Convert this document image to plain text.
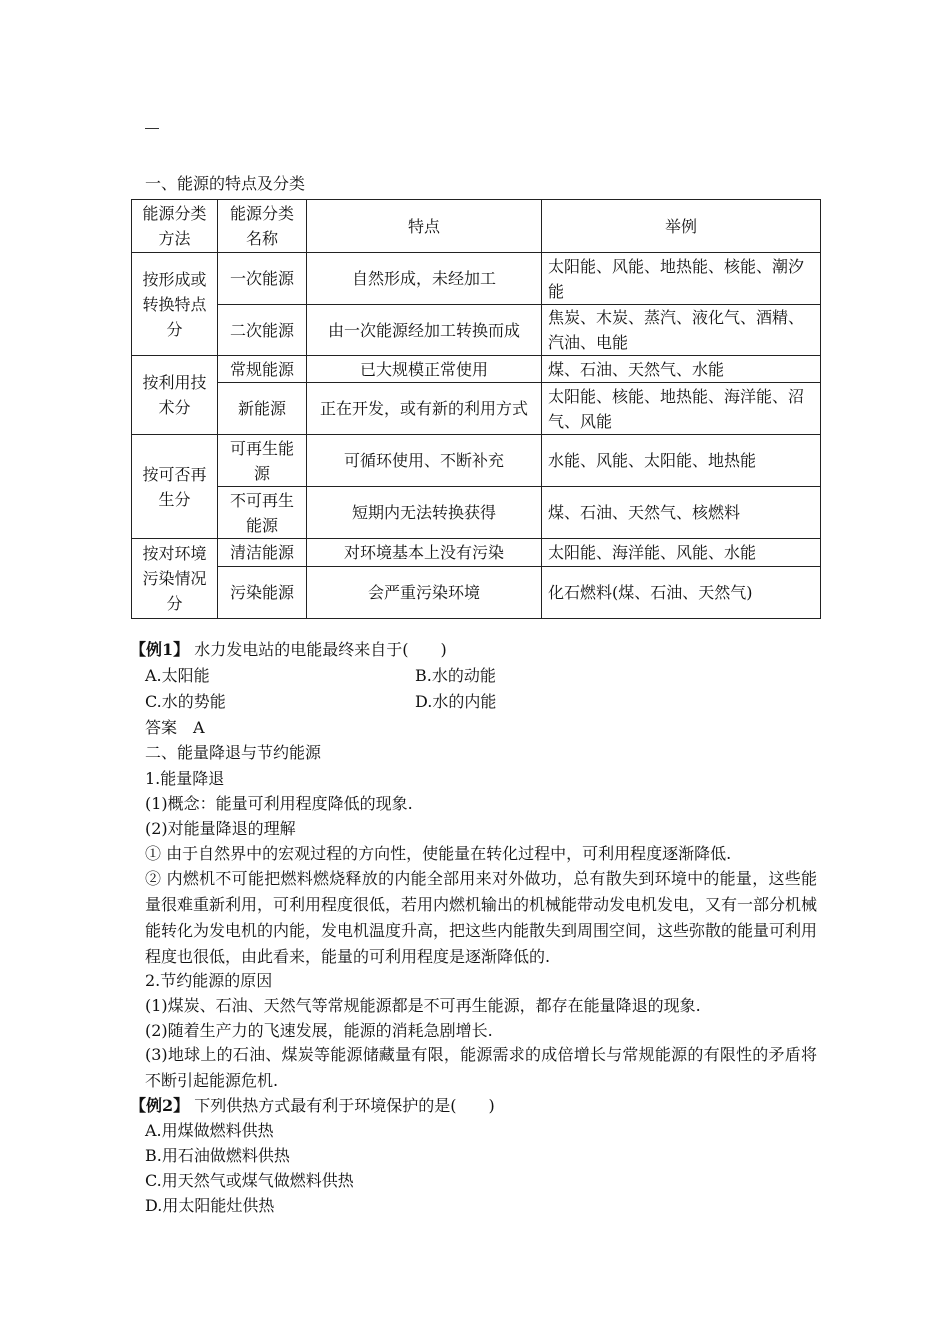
一、能源的特点及分类
能源分类方法	能源分类名称	特点	举例
按形成或转换特点分	一次能源	自然形成，未经加工	太阳能、风能、地热能、核能、潮汐能
	二次能源	由一次能源经加工转换而成	焦炭、木炭、蒸汽、液化气、酒精、汽油、电能
按利用技术分	常规能源	已大规模正常使用	煤、石油、天然气、水能
	新能源	正在开发，或有新的利用方式	太阳能、核能、地热能、海洋能、沼气、风能
按可否再生分	可再生能源	可循环使用、不断补充	水能、风能、太阳能、地热能
	不可再生能源	短期内无法转换获得	煤、石油、天然气、核燃料
按对环境污染情况分	清洁能源	对环境基本上没有污染	太阳能、海洋能、风能、水能
	污染能源	会严重污染环境	化石燃料(煤、石油、天然气)
【例1】 水力发电站的电能最终来自于(　　)
A.太阳能	B.水的动能
C.水的势能	D.水的内能
答案　A
二、能量降退与节约能源
1.能量降退
(1)概念：能量可利用程度降低的现象.
(2)对能量降退的理解
① 由于自然界中的宏观过程的方向性，使能量在转化过程中，可利用程度逐渐降低.
② 内燃机不可能把燃料燃烧释放的内能全部用来对外做功，总有散失到环境中的能量，这些能量很难重新利用，可利用程度很低，若用内燃机输出的机械能带动发电机发电，又有一部分机械能转化为发电机的内能，发电机温度升高，把这些内能散失到周围空间，这些弥散的能量可利用程度也很低，由此看来，能量的可利用程度是逐渐降低的.
2.节约能源的原因
(1)煤炭、石油、天然气等常规能源都是不可再生能源，都存在能量降退的现象.
(2)随着生产力的飞速发展，能源的消耗急剧增长.
(3)地球上的石油、煤炭等能源储藏量有限，能源需求的成倍增长与常规能源的有限性的矛盾将不断引起能源危机.
【例2】 下列供热方式最有利于环境保护的是(　　)
A.用煤做燃料供热
B.用石油做燃料供热
C.用天然气或煤气做燃料供热
D.用太阳能灶供热
